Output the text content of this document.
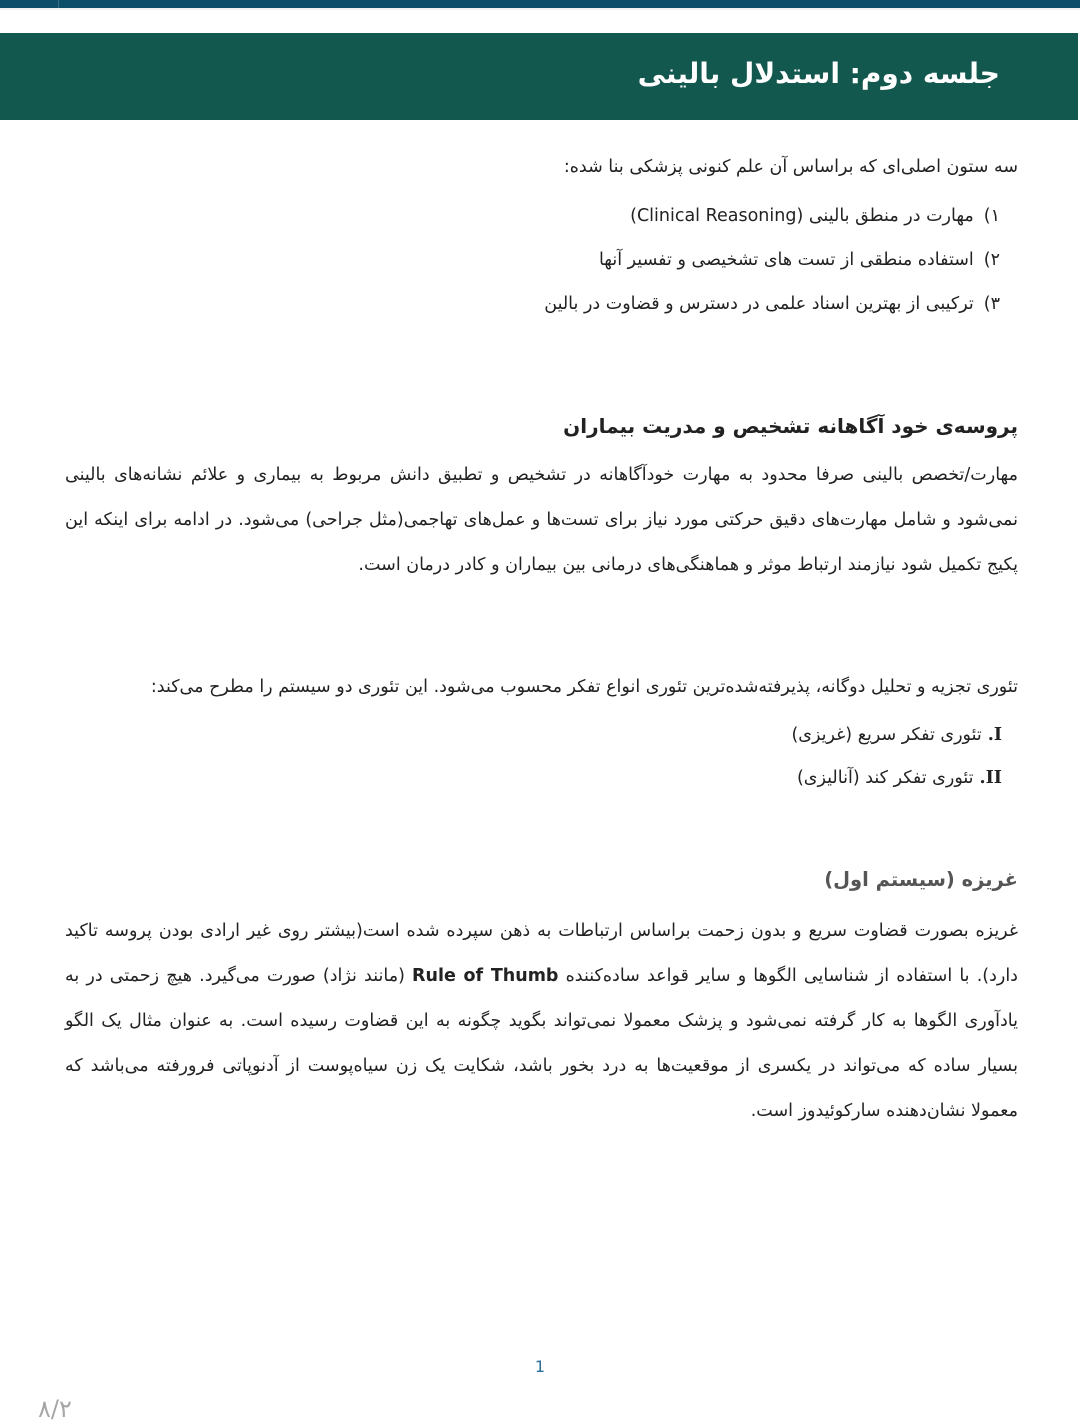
جلسه دوم: استدلال بالینی
سه ستون اصلی‌ای که براساس آن علم کنونی پزشکی بنا شده:
۱)مهارت در منطق بالینی (Clinical Reasoning)
۲)استفاده منطقی از تست های تشخیصی و تفسیر آنها
۳)ترکیبی از بهترین اسناد علمی در دسترس و قضاوت در بالین
پروسه‌ی خود آگاهانه تشخیص و مدریت بیماران
مهارت/تخصص بالینی صرفا محدود به مهارت خودآگاهانه در تشخیص و تطبیق دانش مربوط به بیماری و علائم نشانه‌های بالینی نمی‌شود و شامل مهارت‌های دقیق حرکتی مورد نیاز برای تست‌ها و عمل‌های تهاجمی(مثل جراحی) می‌شود. در ادامه برای اینکه این پکیج تکمیل شود نیازمند ارتباط موثر و هماهنگی‌های درمانی بین بیماران و کادر درمان است.
تئوری تجزیه و تحلیل دوگانه، پذیرفته‌شده‌ترین تئوری انواع تفکر محسوب می‌شود. این تئوری دو سیستم را مطرح می‌کند:
I.تئوری تفکر سریع (غریزی)
II.تئوری تفکر کند (آنالیزی)
غریزه (سیستم اول)
غریزه بصورت قضاوت سریع و بدون زحمت براساس ارتباطات به ذهن سپرده شده است(بیشتر روی غیر ارادی بودن پروسه تاکید دارد). با استفاده از شناسایی الگوها و سایر قواعد ساده‌کننده Rule of Thumb (مانند نژاد) صورت می‌گیرد. هیچ زحمتی در به یادآوری الگوها به کار گرفته نمی‌شود و پزشک معمولا نمی‌تواند بگوید چگونه به این قضاوت رسیده است. به عنوان مثال یک الگو بسیار ساده که می‌تواند در یکسری از موقعیت‌ها به درد بخور باشد، شکایت یک زن سیاه‌پوست از آدنوپاتی فرورفته می‌باشد که معمولا نشان‌دهنده سارکوئیدوز است.
1
۸/۲
